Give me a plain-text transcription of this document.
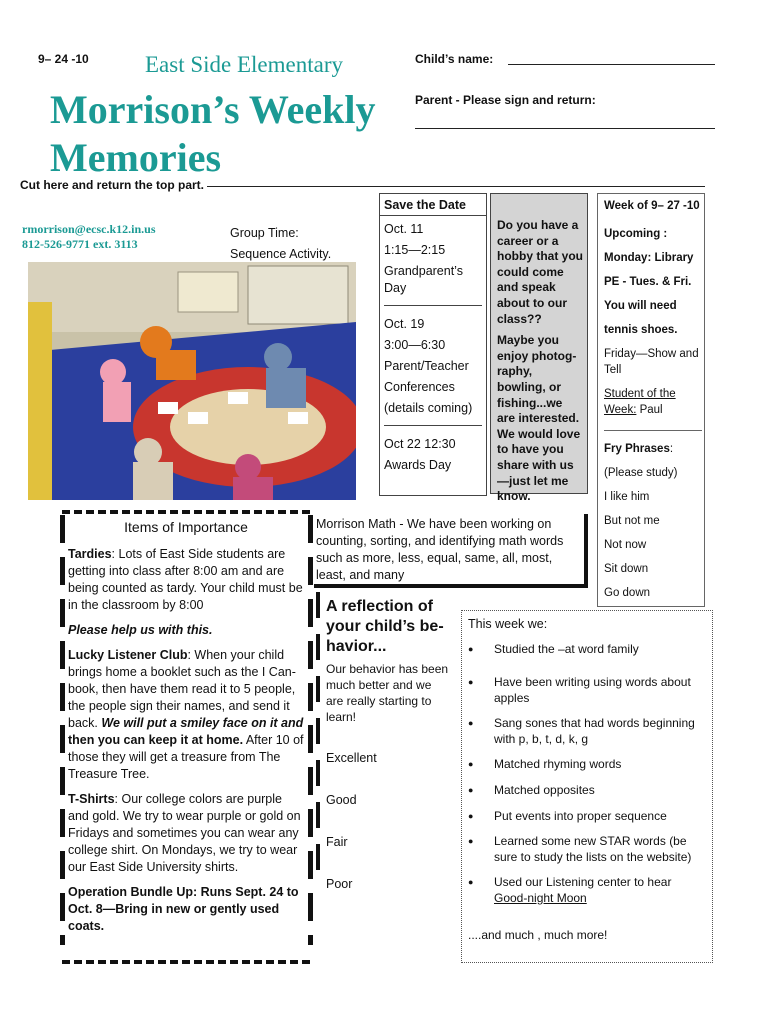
9– 24 -10 East Side Elementary
Morrison’s Weekly
Memories
Child’s name:
Parent - Please sign and return:
Cut here and return the top part.
rmorrison@ecsc.k12.in.us
812-526-9771 ext. 3113
Group Time:
Sequence Activity.
Save the Date
Oct. 11
1:15—2:15
Grandparent’s Day
Oct. 19
3:00—6:30
Parent/Teacher
Conferences
(details coming)
Oct 22 12:30
Awards Day
Do you have a career or a hobby that you could come and speak about to our class??
Maybe you enjoy photog-raphy, bowling, or fishing...we are interested. We would love to have you share with us—just let me know.
Week of 9– 27 -10
Upcoming :
Monday: Library
PE - Tues. & Fri.
You will need
tennis shoes.
Friday—Show and Tell
Student of the Week: Paul
Fry Phrases:
(Please study)
I like him
But not me
Not now
Sit down
Go down
Items of Importance
Tardies: Lots of East Side students are getting into class after 8:00 am and are being counted as tardy. Your child must be in the classroom by 8:00
Please help us with this.
Lucky Listener Club: When your child brings home a booklet such as the I Can-book, then have them read it to 5 people, the people sign their names, and send it back. We will put a smiley face on it and then you can keep it at home. After 10 of those they will get a treasure from The Treasure Tree.
T-Shirts: Our college colors are purple and gold. We try to wear purple or gold on Fridays and sometimes you can wear any college shirt. On Mondays, we try to wear our East Side University shirts.
Operation Bundle Up: Runs Sept. 24 to Oct. 8—Bring in new or gently used coats.
Morrison Math - We have been working on counting, sorting, and identifying math words such as more, less, equal, same, all, most, least, and many
A reflection of your child’s be-havior...
Our behavior has been much better and we are really starting to learn!
Excellent
Good
Fair
Poor
This week we:
● Studied the –at word family
● Have been writing using words about apples
● Sang sones that had words beginning with p, b, t, d, k, g
● Matched rhyming words
● Matched opposites
● Put events into proper sequence
● Learned some new STAR words (be sure to study the lists on the website)
● Used our Listening center to hear Good-night Moon
....and much , much more!
